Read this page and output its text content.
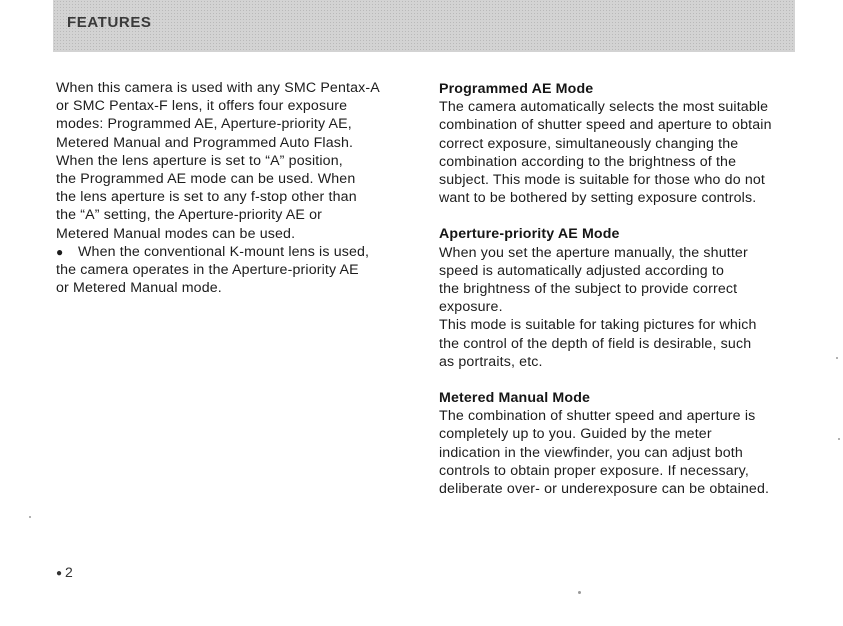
FEATURES
When this camera is used with any SMC Pentax-A
or SMC Pentax-F lens, it offers four exposure
modes: Programmed AE, Aperture-priority AE,
Metered Manual and Programmed Auto Flash.
When the lens aperture is set to “A” position,
the Programmed AE mode can be used. When
the lens aperture is set to any f-stop other than
the “A” setting, the Aperture-priority AE or
Metered Manual modes can be used.
● When the conventional K-mount lens is used,
the camera operates in the Aperture-priority AE
or Metered Manual mode.
Programmed AE Mode
The camera automatically selects the most suitable
combination of shutter speed and aperture to obtain
correct exposure, simultaneously changing the
combination according to the brightness of the
subject. This mode is suitable for those who do not
want to be bothered by setting exposure controls.
Aperture-priority AE Mode
When you set the aperture manually, the shutter
speed is automatically adjusted according to
the brightness of the subject to provide correct
exposure.
This mode is suitable for taking pictures for which
the control of the depth of field is desirable, such
as portraits, etc.
Metered Manual Mode
The combination of shutter speed and aperture is
completely up to you. Guided by the meter
indication in the viewfinder, you can adjust both
controls to obtain proper exposure. If necessary,
deliberate over- or underexposure can be obtained.
● 2
